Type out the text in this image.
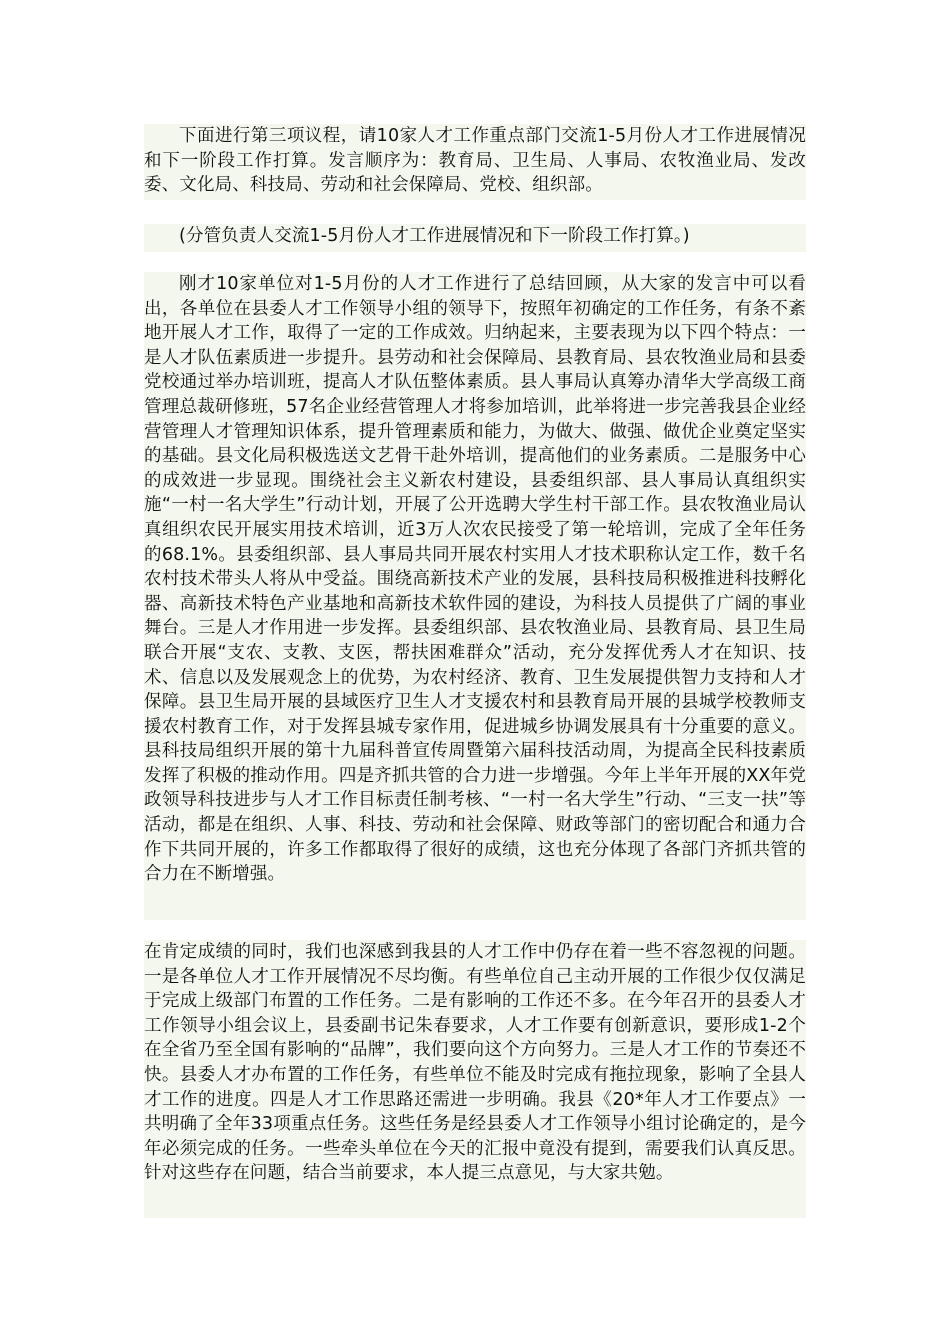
下面进行第三项议程，请10家人才工作重点部门交流1-5月份人才工作进展情况和下一阶段工作打算。发言顺序为：教育局、卫生局、人事局、农牧渔业局、发改委、文化局、科技局、劳动和社会保障局、党校、组织部。

(分管负责人交流1-5月份人才工作进展情况和下一阶段工作打算。)

刚才10家单位对1-5月份的人才工作进行了总结回顾，从大家的发言中可以看出，各单位在县委人才工作领导小组的领导下，按照年初确定的工作任务，有条不紊地开展人才工作，取得了一定的工作成效。归纳起来，主要表现为以下四个特点：一是人才队伍素质进一步提升。县劳动和社会保障局、县教育局、县农牧渔业局和县委党校通过举办培训班，提高人才队伍整体素质。县人事局认真筹办清华大学高级工商管理总裁研修班，57名企业经营管理人才将参加培训，此举将进一步完善我县企业经营管理人才管理知识体系，提升管理素质和能力，为做大、做强、做优企业奠定坚实的基础。县文化局积极选送文艺骨干赴外培训，提高他们的业务素质。二是服务中心的成效进一步显现。围绕社会主义新农村建设，县委组织部、县人事局认真组织实施“一村一名大学生”行动计划，开展了公开选聘大学生村干部工作。县农牧渔业局认真组织农民开展实用技术培训，近3万人次农民接受了第一轮培训，完成了全年任务的68.1%。县委组织部、县人事局共同开展农村实用人才技术职称认定工作，数千名农村技术带头人将从中受益。围绕高新技术产业的发展，县科技局积极推进科技孵化器、高新技术特色产业基地和高新技术软件园的建设，为科技人员提供了广阔的事业舞台。三是人才作用进一步发挥。县委组织部、县农牧渔业局、县教育局、县卫生局联合开展“支农、支教、支医，帮扶困难群众”活动，充分发挥优秀人才在知识、技术、信息以及发展观念上的优势，为农村经济、教育、卫生发展提供智力支持和人才保障。县卫生局开展的县域医疗卫生人才支援农村和县教育局开展的县城学校教师支援农村教育工作，对于发挥县城专家作用，促进城乡协调发展具有十分重要的意义。县科技局组织开展的第十九届科普宣传周暨第六届科技活动周，为提高全民科技素质发挥了积极的推动作用。四是齐抓共管的合力进一步增强。今年上半年开展的XX年党政领导科技进步与人才工作目标责任制考核、“一村一名大学生”行动、“三支一扶”等活动，都是在组织、人事、科技、劳动和社会保障、财政等部门的密切配合和通力合作下共同开展的，许多工作都取得了很好的成绩，这也充分体现了各部门齐抓共管的合力在不断增强。

在肯定成绩的同时，我们也深感到我县的人才工作中仍存在着一些不容忽视的问题。一是各单位人才工作开展情况不尽均衡。有些单位自己主动开展的工作很少仅仅满足于完成上级部门布置的工作任务。二是有影响的工作还不多。在今年召开的县委人才工作领导小组会议上，县委副书记朱春要求，人才工作要有创新意识，要形成1-2个在全省乃至全国有影响的“品牌”，我们要向这个方向努力。三是人才工作的节奏还不快。县委人才办布置的工作任务，有些单位不能及时完成有拖拉现象，影响了全县人才工作的进度。四是人才工作思路还需进一步明确。我县《20*年人才工作要点》一共明确了全年33项重点任务。这些任务是经县委人才工作领导小组讨论确定的，是今年必须完成的任务。一些牵头单位在今天的汇报中竟没有提到，需要我们认真反思。针对这些存在问题，结合当前要求，本人提三点意见，与大家共勉。
